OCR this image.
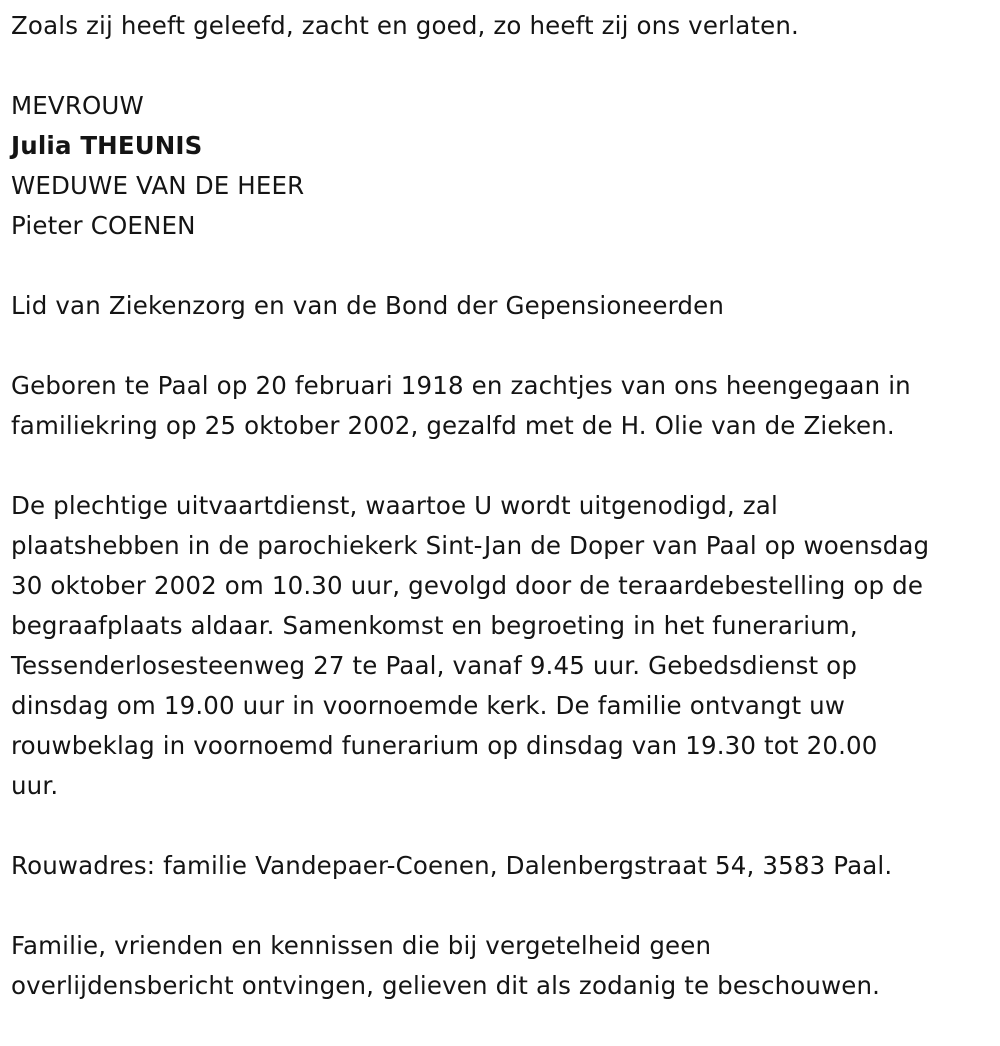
Zoals zij heeft geleefd, zacht en goed, zo heeft zij ons verlaten.

MEVROUW

Julia THEUNIS

WEDUWE VAN DE HEER

Pieter COENEN

Lid van Ziekenzorg en van de Bond der Gepensioneerden

Geboren te Paal op 20 februari 1918 en zachtjes van ons heengegaan in
familiekring op 25 oktober 2002, gezalfd met de H. Olie van de Zieken.

De plechtige uitvaartdienst, waartoe U wordt uitgenodigd, zal
plaatshebben in de parochiekerk Sint-Jan de Doper van Paal op woensdag
30 oktober 2002 om 10.30 uur, gevolgd door de teraardebestelling op de
begraafplaats aldaar. Samenkomst en begroeting in het funerarium,
Tessenderlosesteenweg 27 te Paal, vanaf 9.45 uur. Gebedsdienst op
dinsdag om 19.00 uur in voornoemde kerk. De familie ontvangt uw
rouwbeklag in voornoemd funerarium op dinsdag van 19.30 tot 20.00
uur.

Rouwadres: familie Vandepaer-Coenen, Dalenbergstraat 54, 3583 Paal.

Familie, vrienden en kennissen die bij vergetelheid geen
overlijdensbericht ontvingen, gelieven dit als zodanig te beschouwen.
